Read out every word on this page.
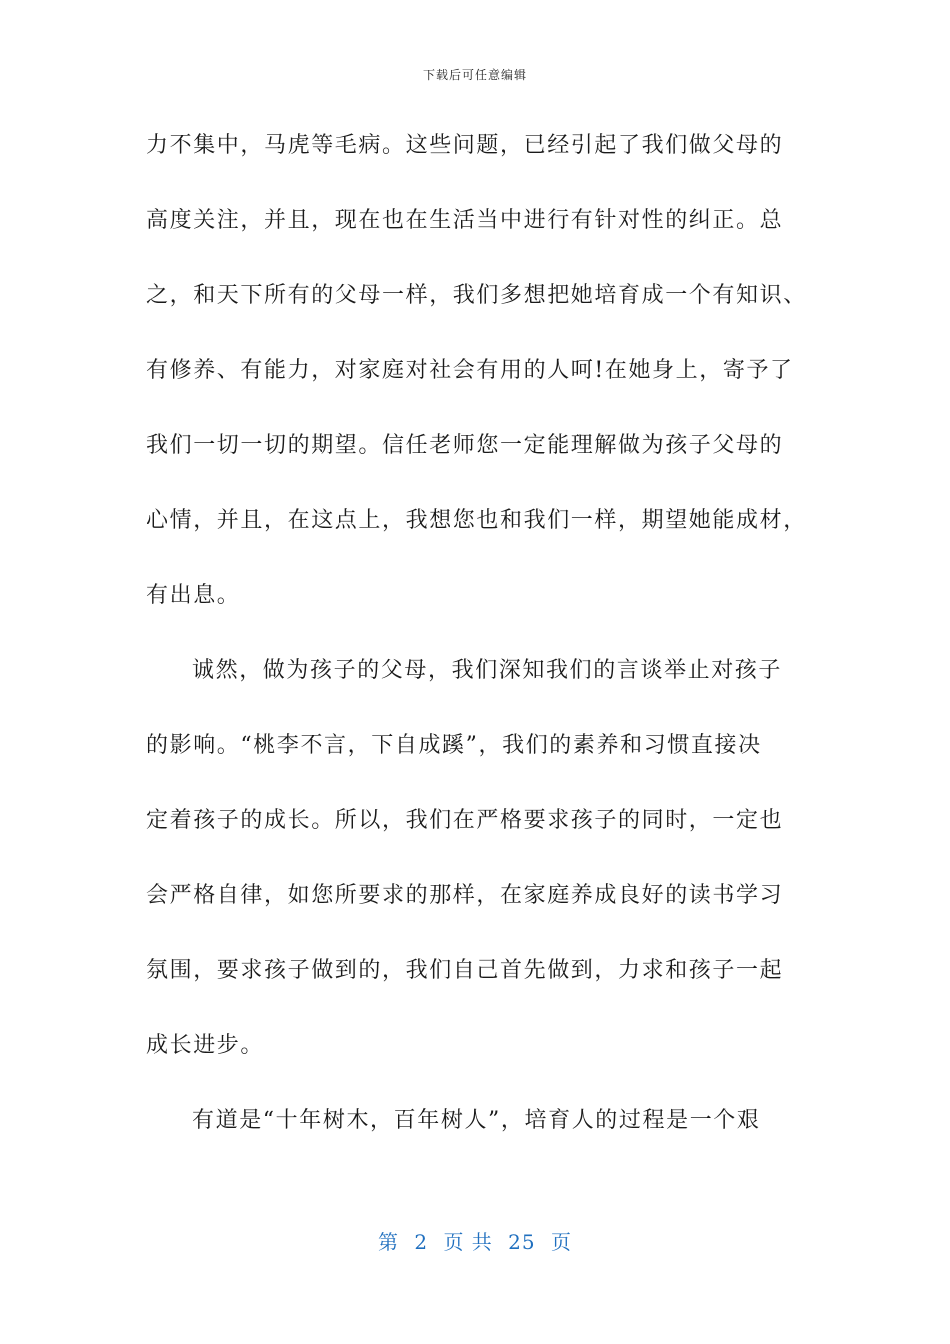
下载后可任意编辑
力不集中，马虎等毛病。这些问题，已经引起了我们做父母的
高度关注，并且，现在也在生活当中进行有针对性的纠正。总
之，和天下所有的父母一样，我们多想把她培育成一个有知识、
有修养、有能力，对家庭对社会有用的人呵!在她身上，寄予了
我们一切一切的期望。信任老师您一定能理解做为孩子父母的
心情，并且，在这点上，我想您也和我们一样，期望她能成材，
有出息。
诚然，做为孩子的父母，我们深知我们的言谈举止对孩子
的影响。“桃李不言，下自成蹊”，我们的素养和习惯直接决
定着孩子的成长。所以，我们在严格要求孩子的同时，一定也
会严格自律，如您所要求的那样，在家庭养成良好的读书学习
氛围，要求孩子做到的，我们自己首先做到，力求和孩子一起
成长进步。
有道是“十年树木，百年树人”，培育人的过程是一个艰
第 2 页 共 25 页
